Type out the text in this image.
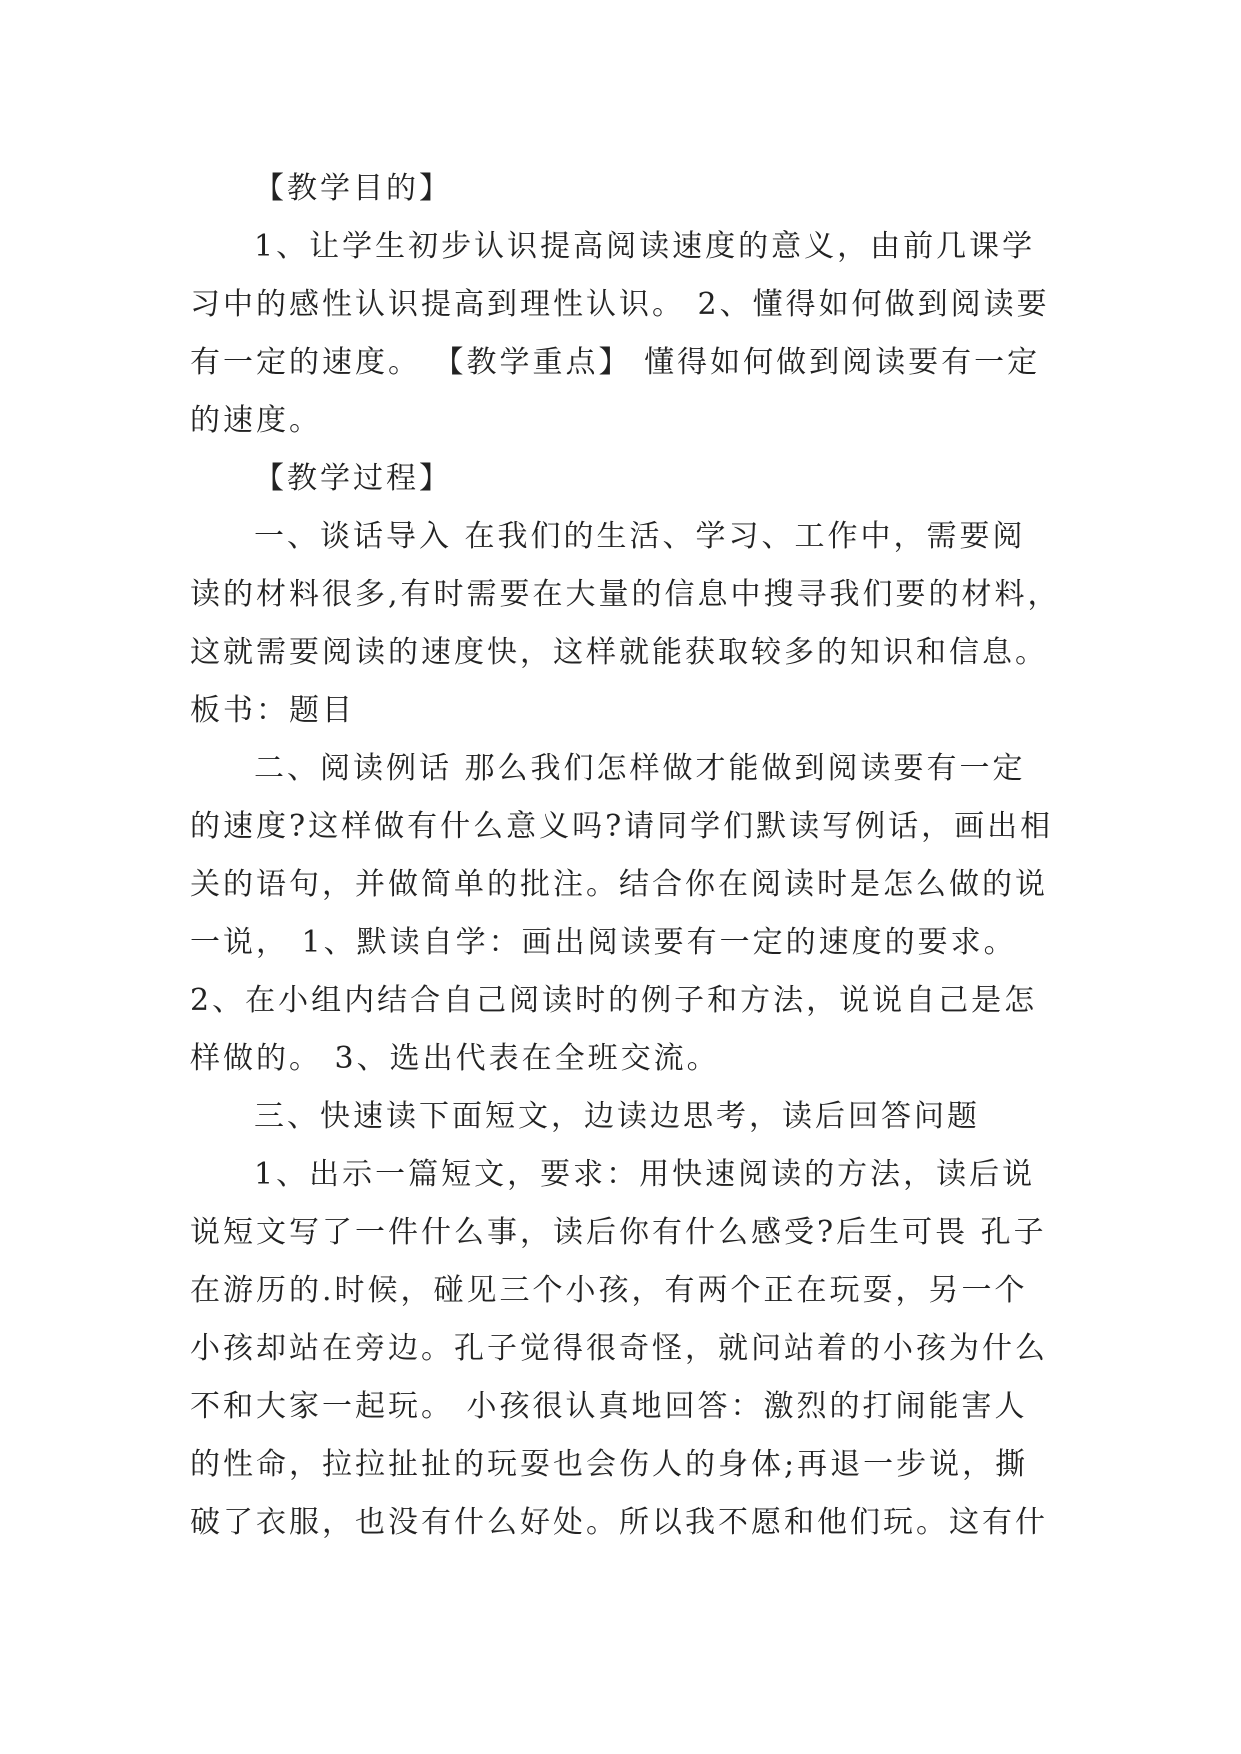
【教学目的】
1、让学生初步认识提高阅读速度的意义，由前几课学
习中的感性认识提高到理性认识。 2、懂得如何做到阅读要
有一定的速度。 【教学重点】 懂得如何做到阅读要有一定
的速度。
【教学过程】
一、谈话导入 在我们的生活、学习、工作中，需要阅
读的材料很多,有时需要在大量的信息中搜寻我们要的材料，
这就需要阅读的速度快，这样就能获取较多的知识和信息。
板书：题目
二、阅读例话 那么我们怎样做才能做到阅读要有一定
的速度?这样做有什么意义吗?请同学们默读写例话，画出相
关的语句，并做简单的批注。结合你在阅读时是怎么做的说
一说， 1、默读自学：画出阅读要有一定的速度的要求。
2、在小组内结合自己阅读时的例子和方法，说说自己是怎
样做的。 3、选出代表在全班交流。
三、快速读下面短文，边读边思考，读后回答问题
1、出示一篇短文，要求：用快速阅读的方法，读后说
说短文写了一件什么事，读后你有什么感受?后生可畏 孔子
在游历的.时候，碰见三个小孩，有两个正在玩耍，另一个
小孩却站在旁边。孔子觉得很奇怪，就问站着的小孩为什么
不和大家一起玩。 小孩很认真地回答：激烈的打闹能害人
的性命，拉拉扯扯的玩耍也会伤人的身体;再退一步说，撕
破了衣服，也没有什么好处。所以我不愿和他们玩。这有什
